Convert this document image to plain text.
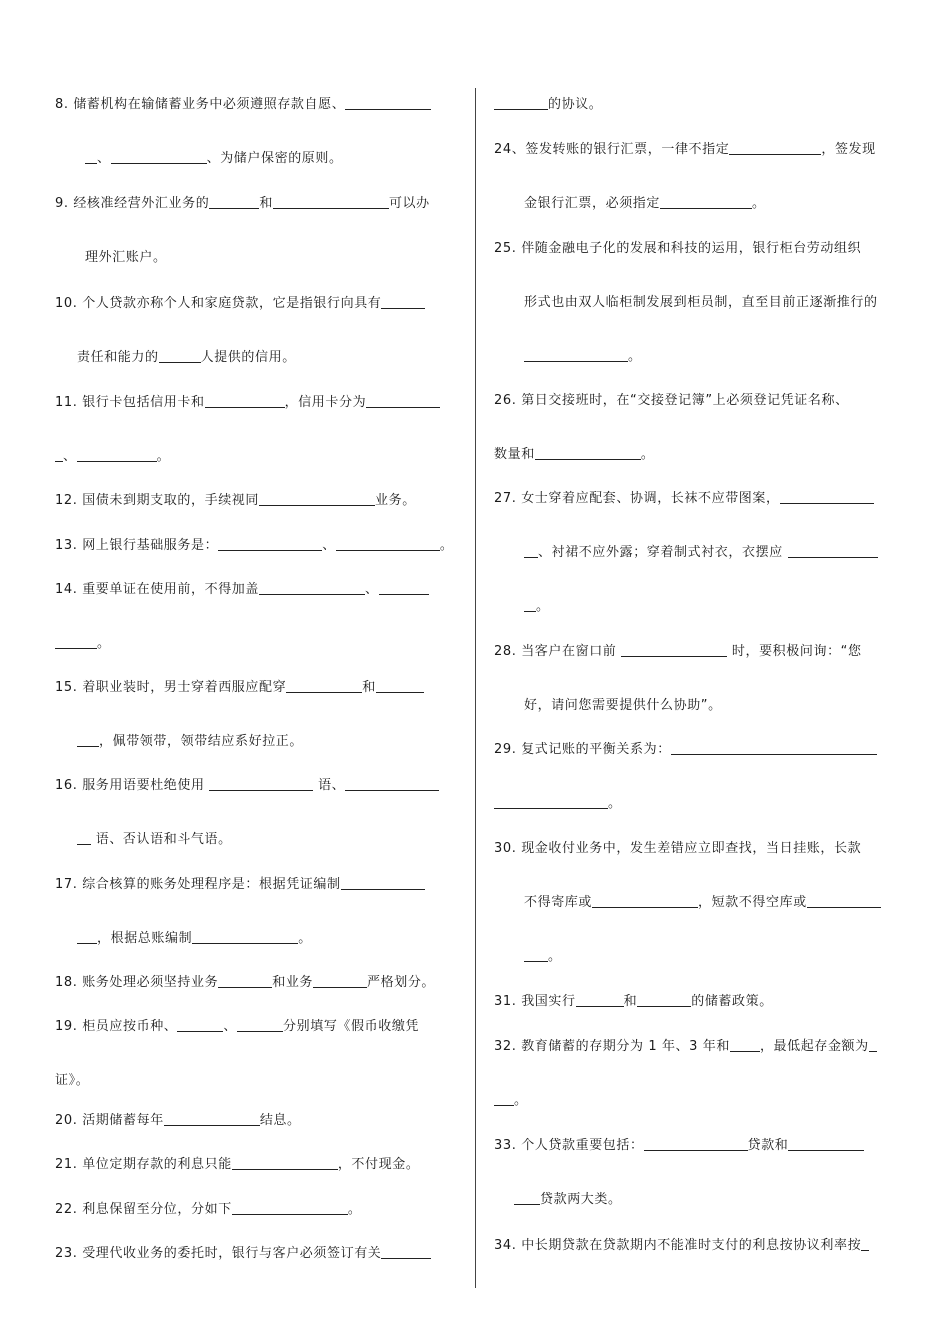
8. 储蓄机构在输储蓄业务中必须遵照存款自愿、
、	、为储户保密的原则。
9. 经核准经营外汇业务的	和	可以办
理外汇账户。
10. 个人贷款亦称个人和家庭贷款，它是指银行向具有
责任和能力的	人提供的信用。
11. 银行卡包括信用卡和	，信用卡分为
、	。
12. 国债未到期支取的，手续视同	业务。
13. 网上银行基础服务是：	、	。
14. 重要单证在使用前，不得加盖	、
。
15. 着职业装时，男士穿着西服应配穿	和
，佩带领带，领带结应系好拉正。
16. 服务用语要杜绝使用	语、
语、否认语和斗气语。
17. 综合核算的账务处理程序是：根据凭证编制
，根据总账编制	。
18. 账务处理必须坚持业务	和业务	严格划分。
19. 柜员应按币种、	、	分别填写《假币收缴凭
证》。
20. 活期储蓄每年	结息。
21. 单位定期存款的利息只能	，不付现金。
22. 利息保留至分位，分如下	。
23. 受理代收业务的委托时，银行与客户必须签订有关
的协议。
24、签发转账的银行汇票，一律不指定	，签发现
金银行汇票，必须指定	。
25. 伴随金融电子化的发展和科技的运用，银行柜台劳动组织
形式也由双人临柜制发展到柜员制，直至目前正逐渐推行的
。
26. 第日交接班时，在“交接登记簿”上必须登记凭证名称、
数量和	。
27. 女士穿着应配套、协调，长袜不应带图案，
、衬裙不应外露；穿着制式衬衣，衣摆应
。
28. 当客户在窗口前	时，要积极问询：“您
好，请问您需要提供什么协助”。
29. 复式记账的平衡关系为：
。
30. 现金收付业务中，发生差错应立即查找，当日挂账，长款
不得寄库或	，短款不得空库或
。
31. 我国实行	和	的储蓄政策。
32. 教育储蓄的存期分为 1 年、3 年和 ，最低起存金额为
。
33. 个人贷款重要包括：	贷款和
贷款两大类。
34. 中长期贷款在贷款期内不能准时支付的利息按协议利率按
